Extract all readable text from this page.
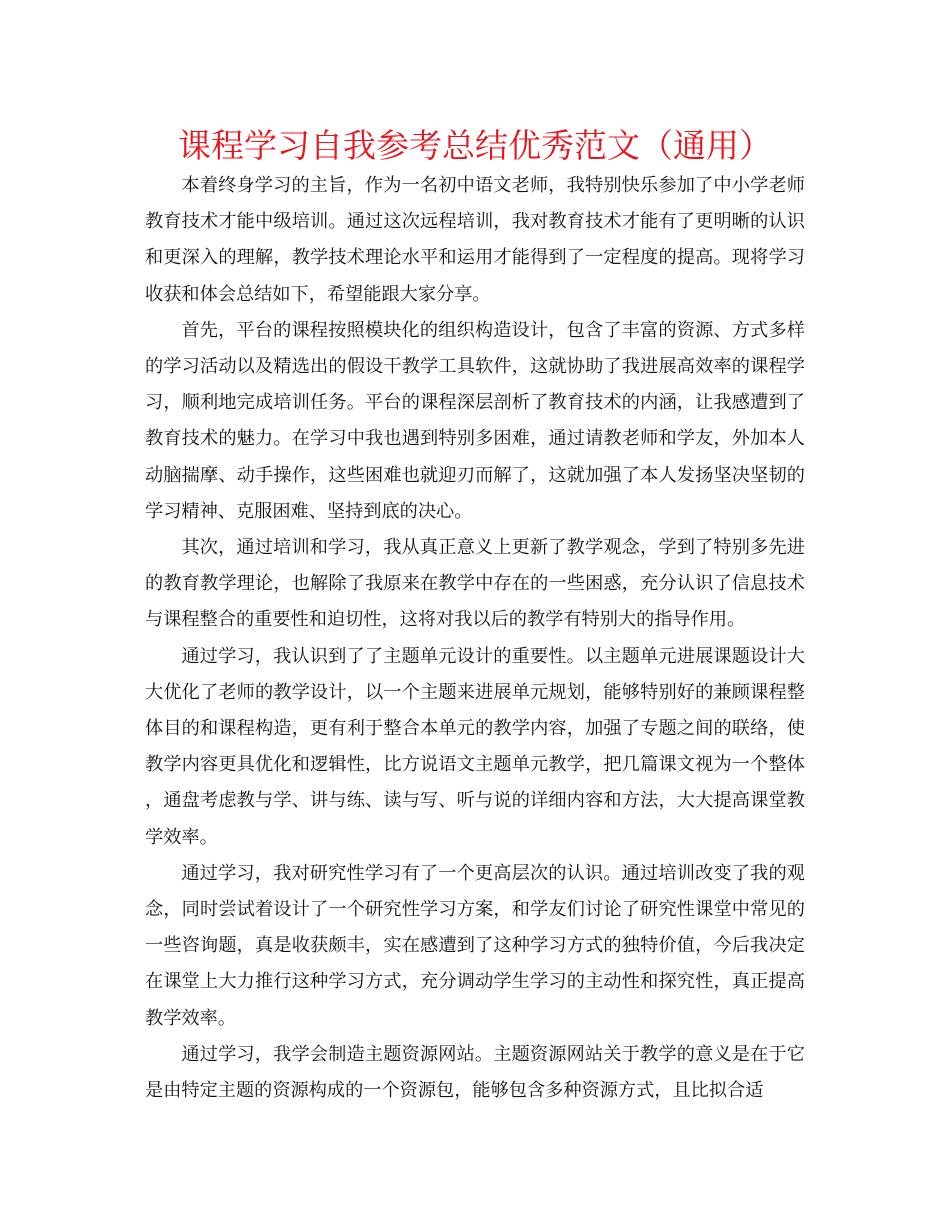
课程学习自我参考总结优秀范文（通用）

本着终身学习的主旨，作为一名初中语文老师，我特别快乐参加了中小学老师教育技术才能中级培训。通过这次远程培训，我对教育技术才能有了更明晰的认识和更深入的理解，教学技术理论水平和运用才能得到了一定程度的提高。现将学习收获和体会总结如下，希望能跟大家分享。

首先，平台的课程按照模块化的组织构造设计，包含了丰富的资源、方式多样的学习活动以及精选出的假设干教学工具软件，这就协助了我进展高效率的课程学习，顺利地完成培训任务。平台的课程深层剖析了教育技术的内涵，让我感遭到了教育技术的魅力。在学习中我也遇到特别多困难，通过请教老师和学友，外加本人动脑揣摩、动手操作，这些困难也就迎刃而解了，这就加强了本人发扬坚决坚韧的学习精神、克服困难、坚持到底的决心。

其次，通过培训和学习，我从真正意义上更新了教学观念，学到了特别多先进的教育教学理论，也解除了我原来在教学中存在的一些困惑，充分认识了信息技术与课程整合的重要性和迫切性，这将对我以后的教学有特别大的指导作用。

通过学习，我认识到了了主题单元设计的重要性。以主题单元进展课题设计大大优化了老师的教学设计，以一个主题来进展单元规划，能够特别好的兼顾课程整体目的和课程构造，更有利于整合本单元的教学内容，加强了专题之间的联络，使教学内容更具优化和逻辑性，比方说语文主题单元教学，把几篇课文视为一个整体，通盘考虑教与学、讲与练、读与写、听与说的详细内容和方法，大大提高课堂教学效率。

通过学习，我对研究性学习有了一个更高层次的认识。通过培训改变了我的观念，同时尝试着设计了一个研究性学习方案，和学友们讨论了研究性课堂中常见的一些咨询题，真是收获颇丰，实在感遭到了这种学习方式的独特价值，今后我决定在课堂上大力推行这种学习方式，充分调动学生学习的主动性和探究性，真正提高教学效率。

通过学习，我学会制造主题资源网站。主题资源网站关于教学的意义是在于它是由特定主题的资源构成的一个资源包，能够包含多种资源方式，且比拟合适
